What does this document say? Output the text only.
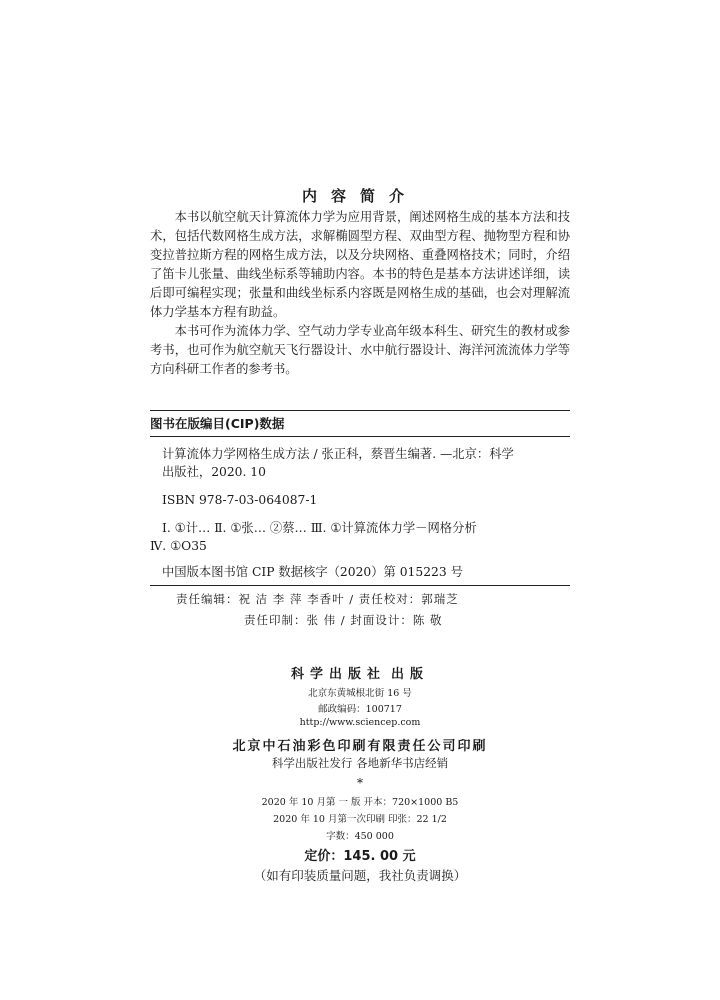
内容简介

本书以航空航天计算流体力学为应用背景，阐述网格生成的基本方法和技术，包括代数网格生成方法，求解椭圆型方程、双曲型方程、抛物型方程和协变拉普拉斯方程的网格生成方法，以及分块网格、重叠网格技术；同时，介绍了笛卡儿张量、曲线坐标系等辅助内容。本书的特色是基本方法讲述详细，读后即可编程实现；张量和曲线坐标系内容既是网格生成的基础，也会对理解流体力学基本方程有助益。

本书可作为流体力学、空气动力学专业高年级本科生、研究生的教材或参考书，也可作为航空航天飞行器设计、水中航行器设计、海洋河流流体力学等方向科研工作者的参考书。

图书在版编目(CIP)数据

计算流体力学网格生成方法 / 张正科，蔡晋生编著. —北京：科学

出版社，2020. 10

ISBN 978-7-03-064087-1

Ⅰ. ①计… Ⅱ. ①张… ②蔡… Ⅲ. ①计算流体力学－网格分析

Ⅳ. ①O35

中国版本图书馆 CIP 数据核字（2020）第 015223 号

责任编辑：祝 洁 李 萍 李香叶 / 责任校对：郭瑞芝
责任印制：张 伟 / 封面设计：陈 敬
科学出版社 出版
北京东黄城根北街 16 号
邮政编码：100717
http://www.sciencep.com
北京中石油彩色印刷有限责任公司印刷
科学出版社发行 各地新华书店经销
*
2020 年 10 月第 一 版 开本：720×1000 B5
2020 年 10 月第一次印刷 印张：22 1/2
字数：450 000
定价：145. 00 元
（如有印装质量问题，我社负责调换）
